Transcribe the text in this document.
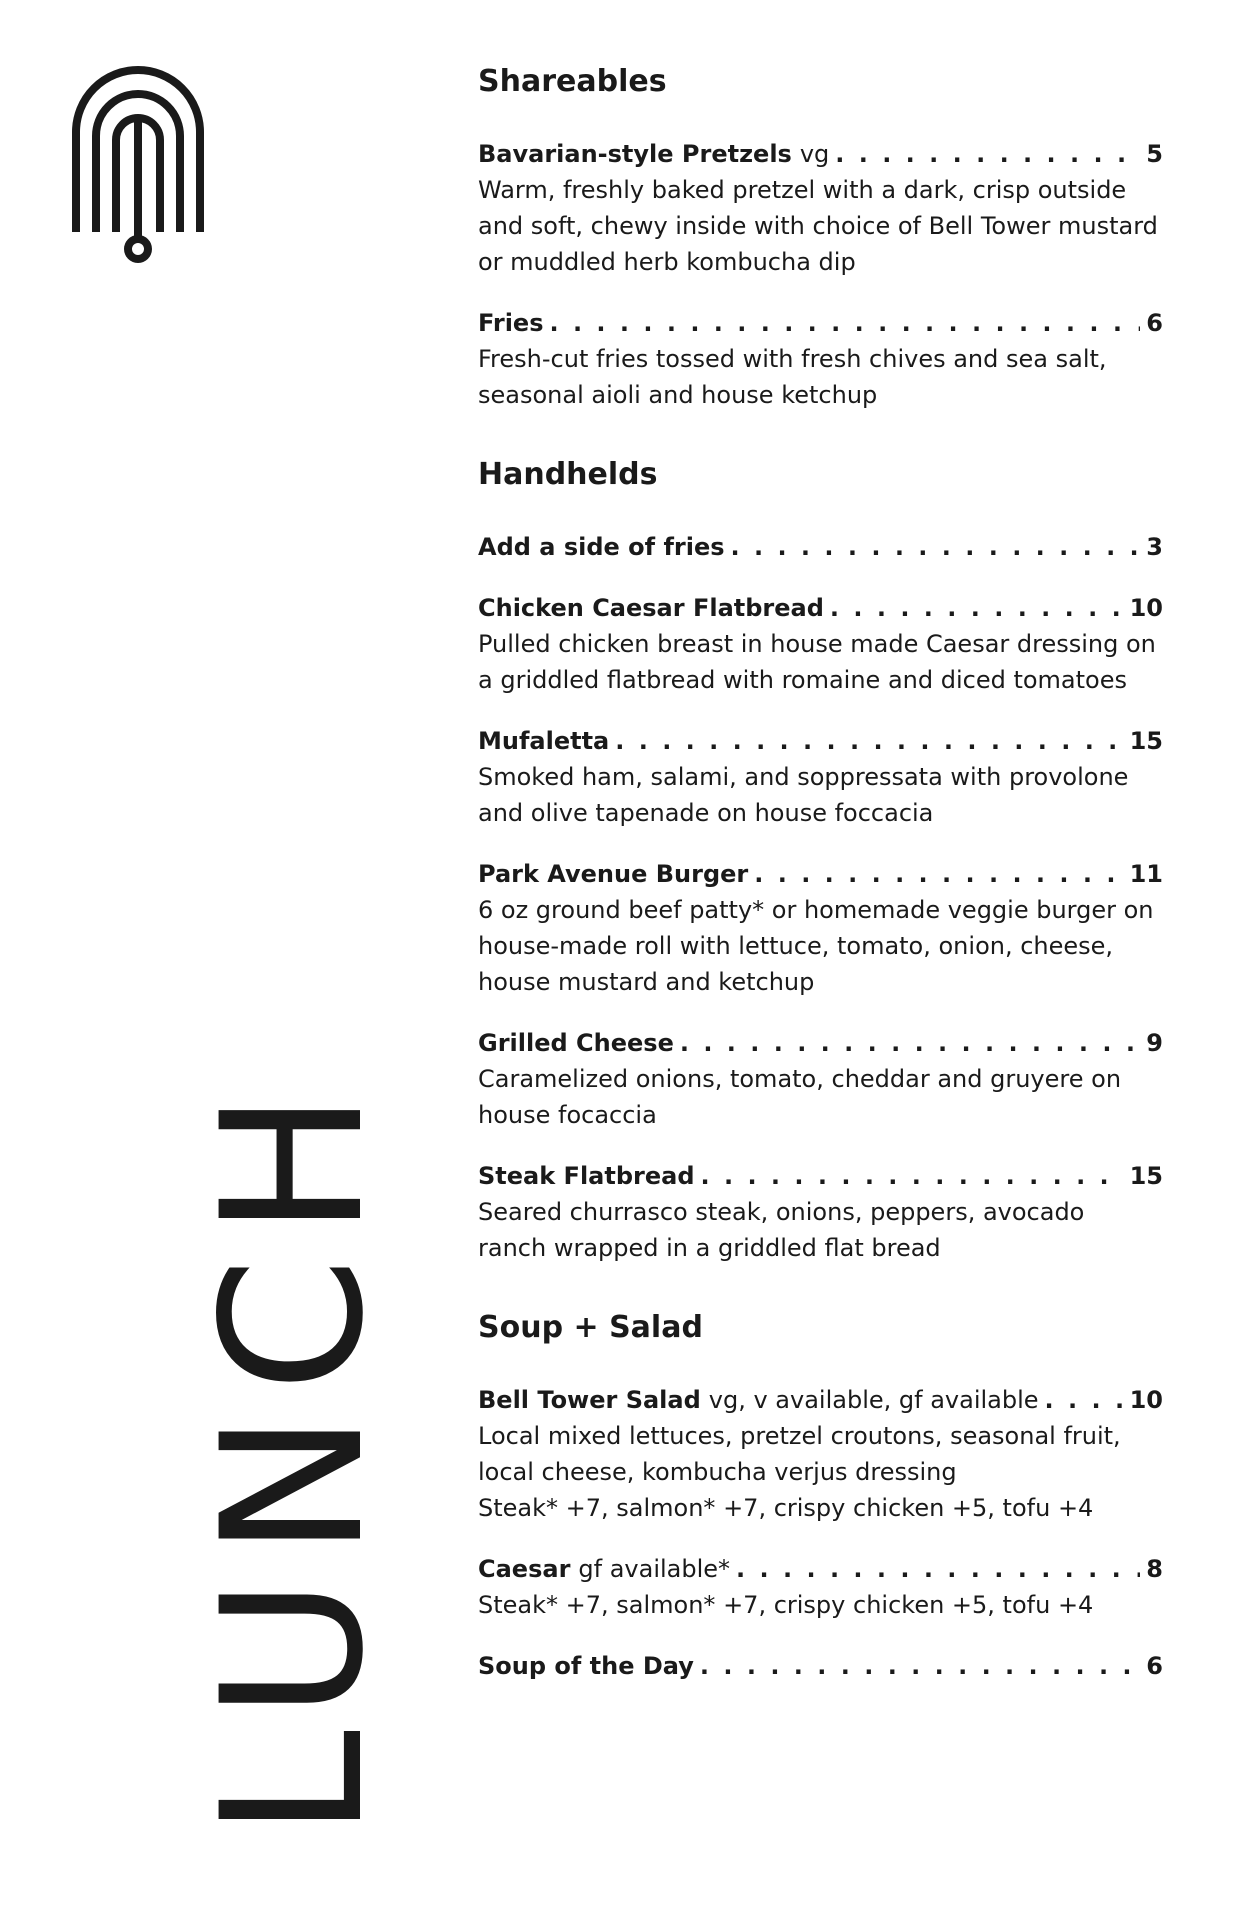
LUNCH
Shareables
Bavarian-style Pretzels vg . . .	5

Warm, freshly baked pretzel with a dark, crisp outside

and soft, chewy inside with choice of Bell Tower mustard

or muddled herb kombucha dip

Fries . . .	6

Fresh-cut fries tossed with fresh chives and sea salt,

seasonal aioli and house ketchup

Handhelds
Add a side of fries . . .	3
Chicken Caesar Flatbread . . .	10

Pulled chicken breast in house made Caesar dressing on

a griddled flatbread with romaine and diced tomatoes

Mufaletta . . .	15

Smoked ham, salami, and soppressata with provolone

and olive tapenade on house foccacia

Park Avenue Burger . . .	11

6 oz ground beef patty* or homemade veggie burger on

house-made roll with lettuce, tomato, onion, cheese,

house mustard and ketchup

Grilled Cheese . . .	9

Caramelized onions, tomato, cheddar and gruyere on

house focaccia

Steak Flatbread . . .	15

Seared churrasco steak, onions, peppers, avocado

ranch wrapped in a griddled flat bread

Soup + Salad
Bell Tower Salad vg, v available, gf available . . .	10

Local mixed lettuces, pretzel croutons, seasonal fruit,

local cheese, kombucha verjus dressing

Steak* +7, salmon* +7, crispy chicken +5, tofu +4

Caesar gf available* . . .	8

Steak* +7, salmon* +7, crispy chicken +5, tofu +4

Soup of the Day . . .	6
